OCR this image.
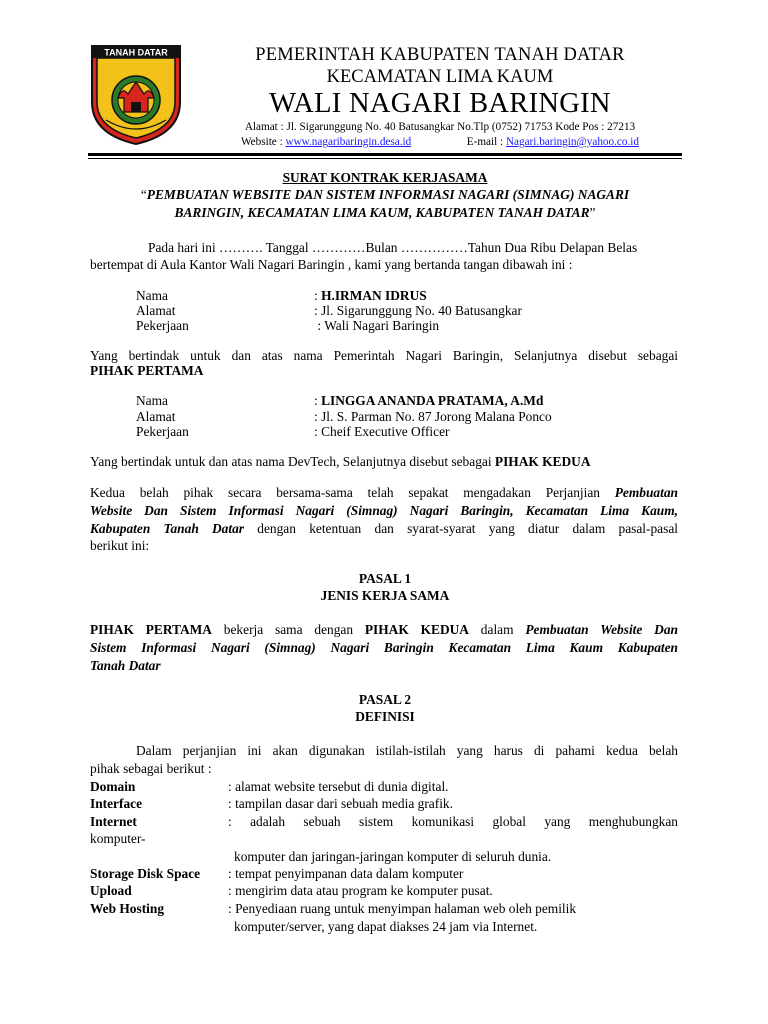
TANAH DATAR	PEMERINTAH KABUPATEN TANAH DATAR
KECAMATAN LIMA KAUM
WALI NAGARI BARINGIN
Alamat : Jl. Sigarunggung No. 40 Batusangkar No.Tlp (0752) 71753 Kode Pos : 27213
Website : www.nagaribaringin.desa.id	E-mail : Nagari.baringin@yahoo.co.id
SURAT KONTRAK KERJASAMA
“PEMBUATAN WEBSITE DAN SISTEM INFORMASI NAGARI (SIMNAG) NAGARI
BARINGIN, KECAMATAN LIMA KAUM, KABUPATEN TANAH DATAR”
Pada hari ini ………. Tanggal …………Bulan ……………Tahun Dua Ribu Delapan Belas
bertempat di Aula Kantor Wali Nagari Baringin , kami yang bertanda tangan dibawah ini :
Nama	: H.IRMAN IDRUS
Alamat	: Jl. Sigarunggung No. 40 Batusangkar
Pekerjaan	: Wali Nagari Baringin
Yang bertindak untuk dan atas nama Pemerintah Nagari Baringin, Selanjutnya disebut sebagai
PIHAK PERTAMA
Nama	: LINGGA ANANDA PRATAMA, A.Md
Alamat	: Jl. S. Parman No. 87 Jorong Malana Ponco
Pekerjaan	: Cheif Executive Officer
Yang bertindak untuk dan atas nama DevTech, Selanjutnya disebut sebagai PIHAK KEDUA
Kedua belah pihak secara bersama-sama telah sepakat mengadakan Perjanjian Pembuatan
Website Dan Sistem Informasi Nagari (Simnag) Nagari Baringin, Kecamatan Lima Kaum,
Kabupaten Tanah Datar dengan ketentuan dan syarat-syarat yang diatur dalam pasal-pasal
berikut ini:
PASAL 1
JENIS KERJA SAMA
PIHAK PERTAMA bekerja sama dengan PIHAK KEDUA dalam Pembuatan Website Dan
Sistem Informasi Nagari (Simnag) Nagari Baringin Kecamatan Lima Kaum Kabupaten
Tanah Datar
PASAL 2
DEFINISI
Dalam perjanjian ini akan digunakan istilah-istilah yang harus di pahami kedua belah
pihak sebagai berikut :
Domain	: alamat website tersebut di dunia digital.
Interface	: tampilan dasar dari sebuah media grafik.
Internet	:  adalah  sebuah  sistem  komunikasi  global  yang  menghubungkan
komputer-
komputer dan jaringan-jaringan komputer di seluruh dunia.
Storage Disk Space : tempat penyimpanan data dalam komputer
Upload	: mengirim data atau program ke komputer pusat.
Web Hosting	: Penyediaan ruang untuk menyimpan halaman web oleh pemilik
komputer/server, yang dapat diakses 24 jam via Internet.
